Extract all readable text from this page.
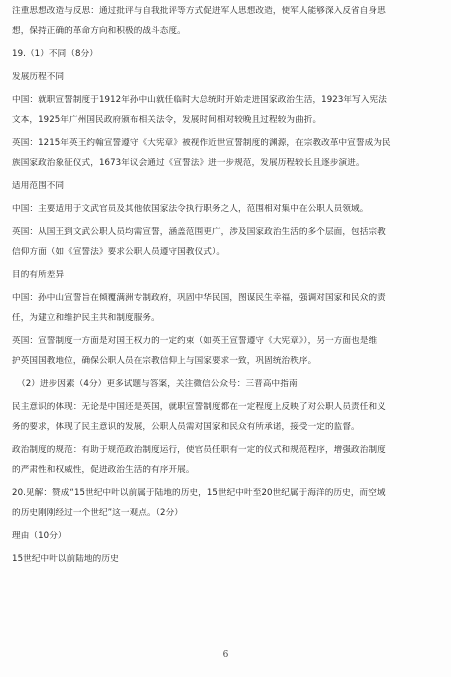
注重思想改造与反思：通过批评与自我批评等方式促进军人思想改造，使军人能够深入反省自身思
想，保持正确的革命方向和积极的战斗态度。
19.（1）不同（8分）
发展历程不同
中国：就职宣誓制度于1912年孙中山就任临时大总统时开始走进国家政治生活，1923年写入宪法
文本，1925年广州国民政府颁布相关法令，发展时间相对较晚且过程较为曲折。
英国：1215年英王约翰宣誓遵守《大宪章》被视作近世宣誓制度的渊源，在宗教改革中宣誓成为民
族国家政治象征仪式，1673年议会通过《宣誓法》进一步规范，发展历程较长且逐步演进。
适用范围不同
中国：主要适用于文武官员及其他依国家法令执行职务之人，范围相对集中在公职人员领域。
英国：从国王到文武公职人员均需宣誓，涵盖范围更广，涉及国家政治生活的多个层面，包括宗教
信仰方面（如《宣誓法》要求公职人员遵守国教仪式）。
目的有所差异
中国：孙中山宣誓旨在倾覆满洲专制政府，巩固中华民国，图谋民生幸福，强调对国家和民众的责
任，为建立和维护民主共和制度服务。
英国：宣誓制度一方面是对国王权力的一定约束（如英王宣誓遵守《大宪章》），另一方面也是维
护英国国教地位，确保公职人员在宗教信仰上与国家要求一致，巩固统治秩序。
（2）进步因素（4分）更多试题与答案，关注微信公众号：三晋高中指南
民主意识的体现：无论是中国还是英国，就职宣誓制度都在一定程度上反映了对公职人员责任和义
务的要求，体现了民主意识的发展，公职人员需对国家和民众有所承诺，接受一定的监督。
政治制度的规范：有助于规范政治制度运行，使官员任职有一定的仪式和规范程序，增强政治制度
的严肃性和权威性，促进政治生活的有序开展。
20.见解：赞成“15世纪中叶以前属于陆地的历史，15世纪中叶至20世纪属于海洋的历史，而空域
的历史刚刚经过一个世纪”这一观点。（2分）
理由（10分）
15世纪中叶以前陆地的历史
6
